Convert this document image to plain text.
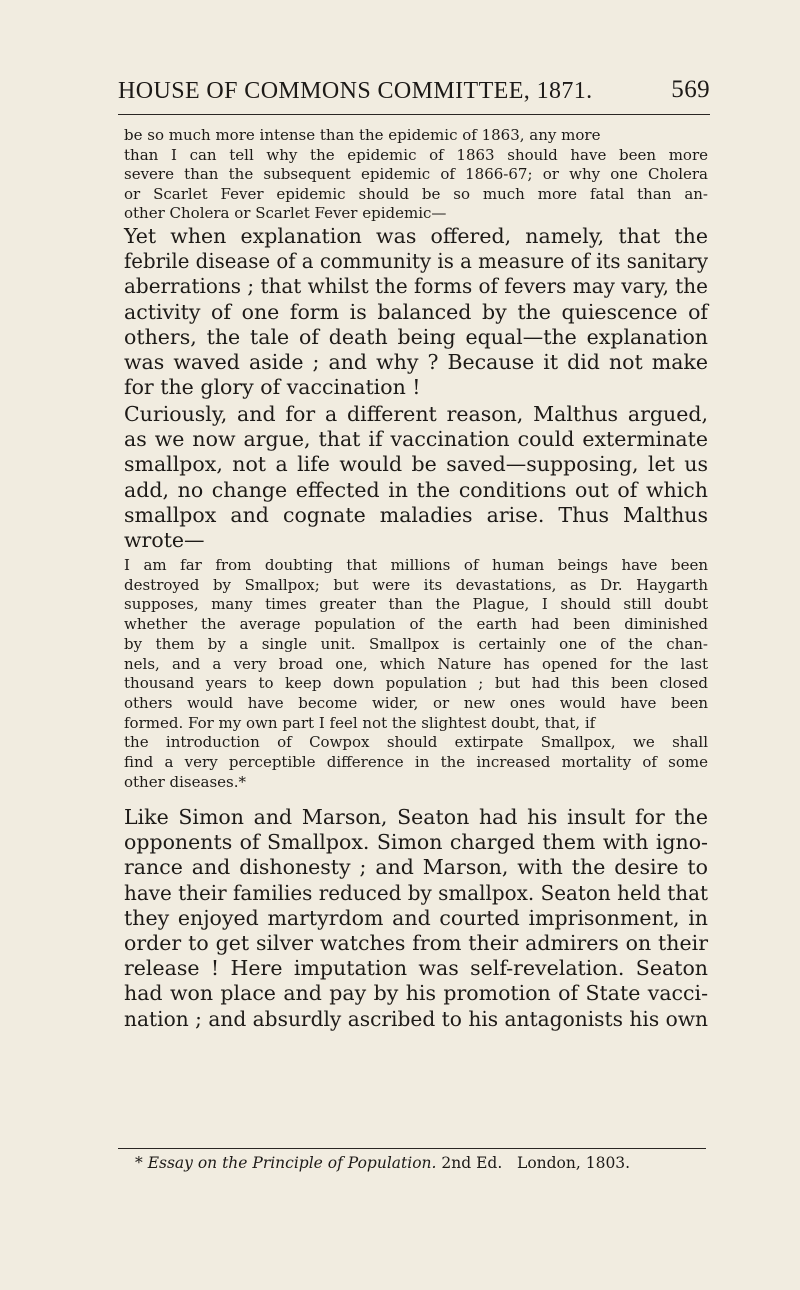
HOUSE OF COMMONS COMMITTEE, 1871.	569
be so much more intense than the epidemic of 1863, any more
than I can tell why the epidemic of 1863 should have been more
severe than the subsequent epidemic of 1866-67; or why one Cholera
or Scarlet Fever epidemic should be so much more fatal than an-
other Cholera or Scarlet Fever epidemic—
Yet when explanation was offered, namely, that the
febrile disease of a community is a measure of its sanitary
aberrations ; that whilst the forms of fevers may vary, the
activity of one form is balanced by the quiescence of
others, the tale of death being equal—the explanation
was waved aside ; and why ? Because it did not make
for the glory of vaccination !
Curiously, and for a different reason, Malthus argued,
as we now argue, that if vaccination could exterminate
smallpox, not a life would be saved—supposing, let us
add, no change effected in the conditions out of which
smallpox and cognate maladies arise. Thus Malthus
wrote—
I am far from doubting that millions of human beings have been
destroyed by Smallpox; but were its devastations, as Dr. Haygarth
supposes, many times greater than the Plague, I should still doubt
whether the average population of the earth had been diminished
by them by a single unit. Smallpox is certainly one of the chan-
nels, and a very broad one, which Nature has opened for the last
thousand years to keep down population ; but had this been closed
others would have become wider, or new ones would have been
formed. For my own part I feel not the slightest doubt, that, if
the introduction of Cowpox should extirpate Smallpox, we shall
find a very perceptible difference in the increased mortality of some
other diseases.*
Like Simon and Marson, Seaton had his insult for the
opponents of Smallpox. Simon charged them with igno-
rance and dishonesty ; and Marson, with the desire to
have their families reduced by smallpox. Seaton held that
they enjoyed martyrdom and courted imprisonment, in
order to get silver watches from their admirers on their
release ! Here imputation was self-revelation. Seaton
had won place and pay by his promotion of State vacci-
nation ; and absurdly ascribed to his antagonists his own
* Essay on the Principle of Population. 2nd Ed.   London, 1803.
